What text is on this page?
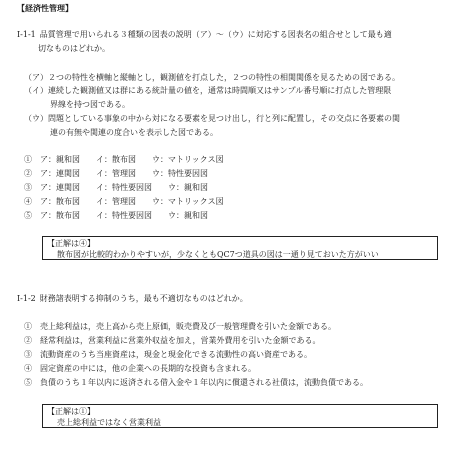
【経済性管理】
I-1-1 品質管理で用いられる３種類の図表の説明（ア）～（ウ）に対応する図表名の組合せとして最も適
切なものはどれか。
（ア）２つの特性を横軸と縦軸とし，観測値を打点した，２つの特性の相関関係を見るための図である。
（イ）連続した観測値又は群にある統計量の値を，通常は時間順又はサンプル番号順に打点した管理限
界線を持つ図である。
（ウ）問題としている事象の中から対になる要素を見つけ出し，行と列に配置し，その交点に各要素の関
連の有無や関連の度合いを表示した図である。
①　ア：親和図　　イ：散布図　　ウ：マトリックス図
②　ア：連関図　　イ：管理図　　ウ：特性要因図
③　ア：連関図　　イ：特性要因図　　ウ：親和図
④　ア：散布図　　イ：管理図　　ウ：マトリックス図
⑤　ア：散布図　　イ：特性要因図　　ウ：親和図
【正解は④】
散布図が比較的わかりやすいが，少なくともQC7つ道具の図は一通り見ておいた方がいい
I-1-2 財務諸表明する抑制のうち，最も不適切なものはどれか。
①　売上総利益は，売上高から売上原価，販売費及び一般管理費を引いた金額である。
②　経常利益は，営業利益に営業外収益を加え，営業外費用を引いた金額である。
③　流動資産のうち当座資産は，現金と現金化できる流動性の高い資産である。
④　固定資産の中には，他の企業への長期的な投資も含まれる。
⑤　負債のうち１年以内に返済される借入金や１年以内に償還される社債は，流動負債である。
【正解は①】
売上総利益ではなく営業利益
